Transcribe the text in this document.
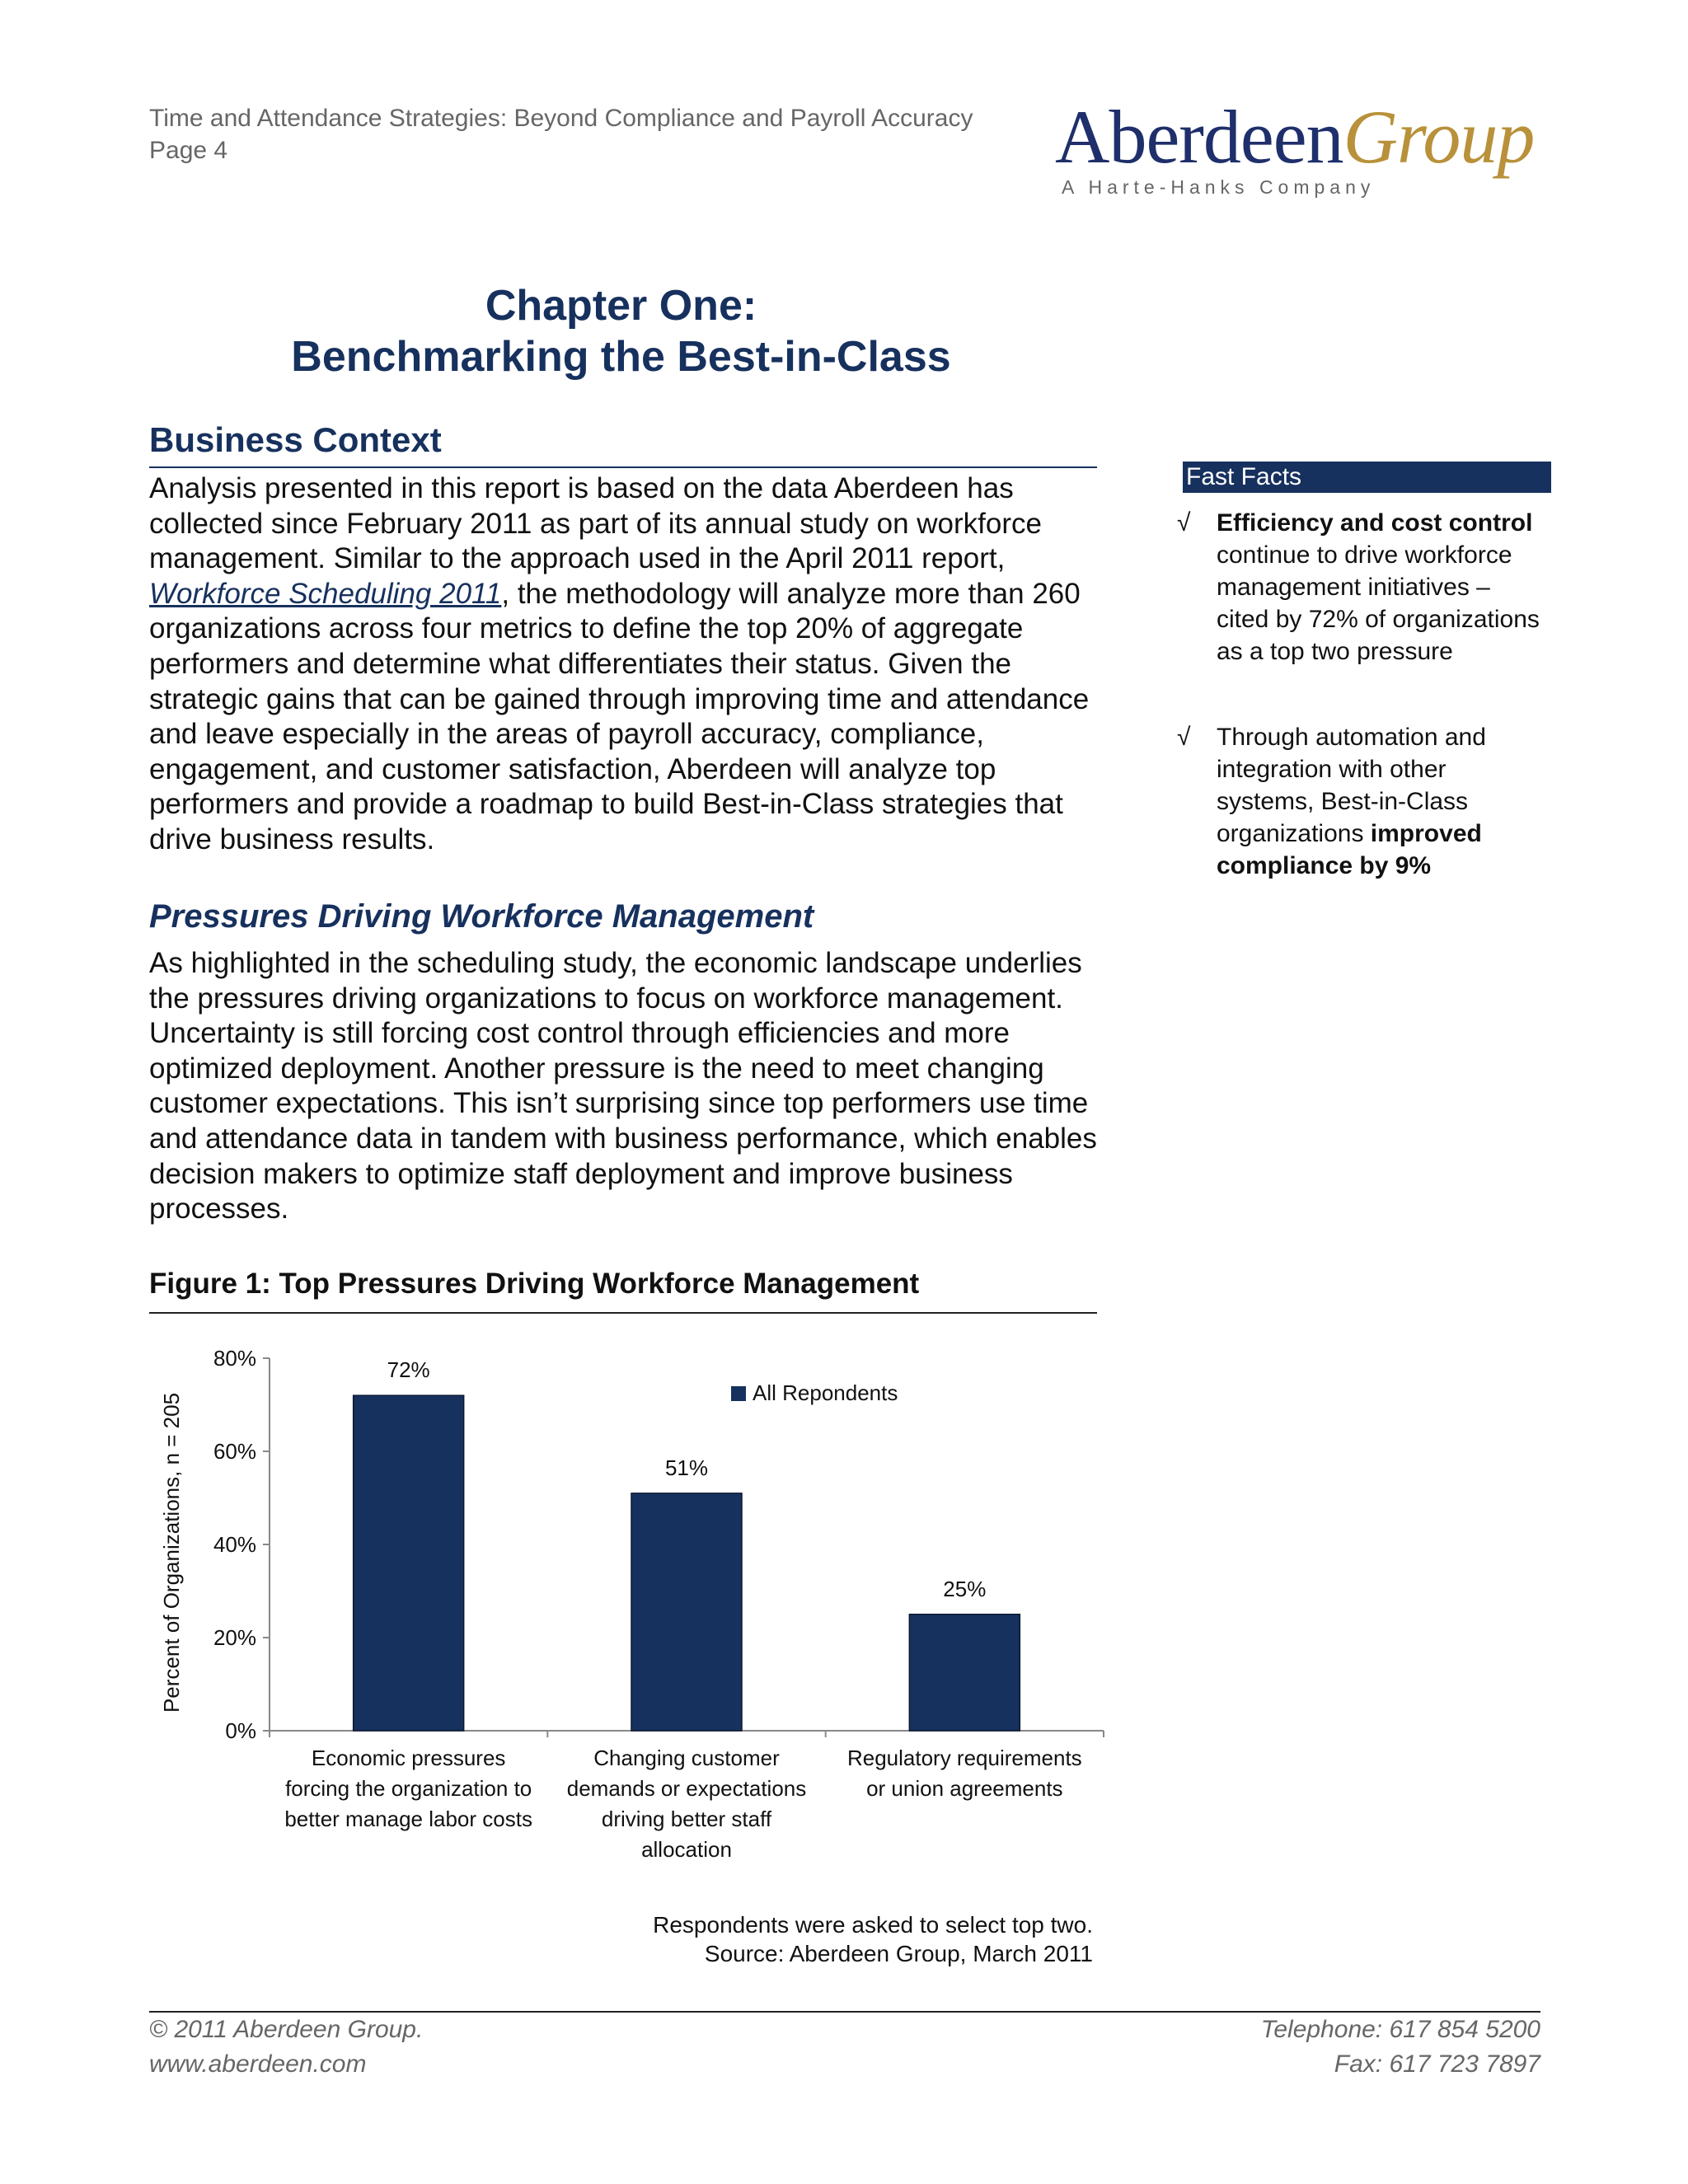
Time and Attendance Strategies: Beyond Compliance and Payroll Accuracy
Page 4	AberdeenGroup
A Harte-Hanks Company
Chapter One:
Benchmarking the Best-in-Class
Business Context
Analysis presented in this report is based on the data Aberdeen has collected since February 2011 as part of its annual study on workforce management. Similar to the approach used in the April 2011 report, Workforce Scheduling 2011, the methodology will analyze more than 260 organizations across four metrics to define the top 20% of aggregate performers and determine what differentiates their status. Given the strategic gains that can be gained through improving time and attendance and leave especially in the areas of payroll accuracy, compliance, engagement, and customer satisfaction, Aberdeen will analyze top performers and provide a roadmap to build Best-in-Class strategies that drive business results.
Pressures Driving Workforce Management
As highlighted in the scheduling study, the economic landscape underlies the pressures driving organizations to focus on workforce management. Uncertainty is still forcing cost control through efficiencies and more optimized deployment. Another pressure is the need to meet changing customer expectations. This isn’t surprising since top performers use time and attendance data in tandem with business performance, which enables decision makers to optimize staff deployment and improve business processes.
Fast Facts
√ Efficiency and cost control continue to drive workforce management initiatives – cited by 72% of organizations as a top two pressure
√ Through automation and integration with other systems, Best-in-Class organizations improved compliance by 9%
Figure 1: Top Pressures Driving Workforce Management
0%
20%
40%
60%
80%
Percent of Organizations, n = 205
72%
Economic pressures
forcing the organization to
better manage labor costs
51%
Changing customer
demands or expectations
driving better staff
allocation
25%
Regulatory requirements
or union agreements
All Repondents
Respondents were asked to select top two.
Source: Aberdeen Group, March 2011
© 2011 Aberdeen Group.
www.aberdeen.com
Telephone: 617 854 5200
Fax: 617 723 7897
